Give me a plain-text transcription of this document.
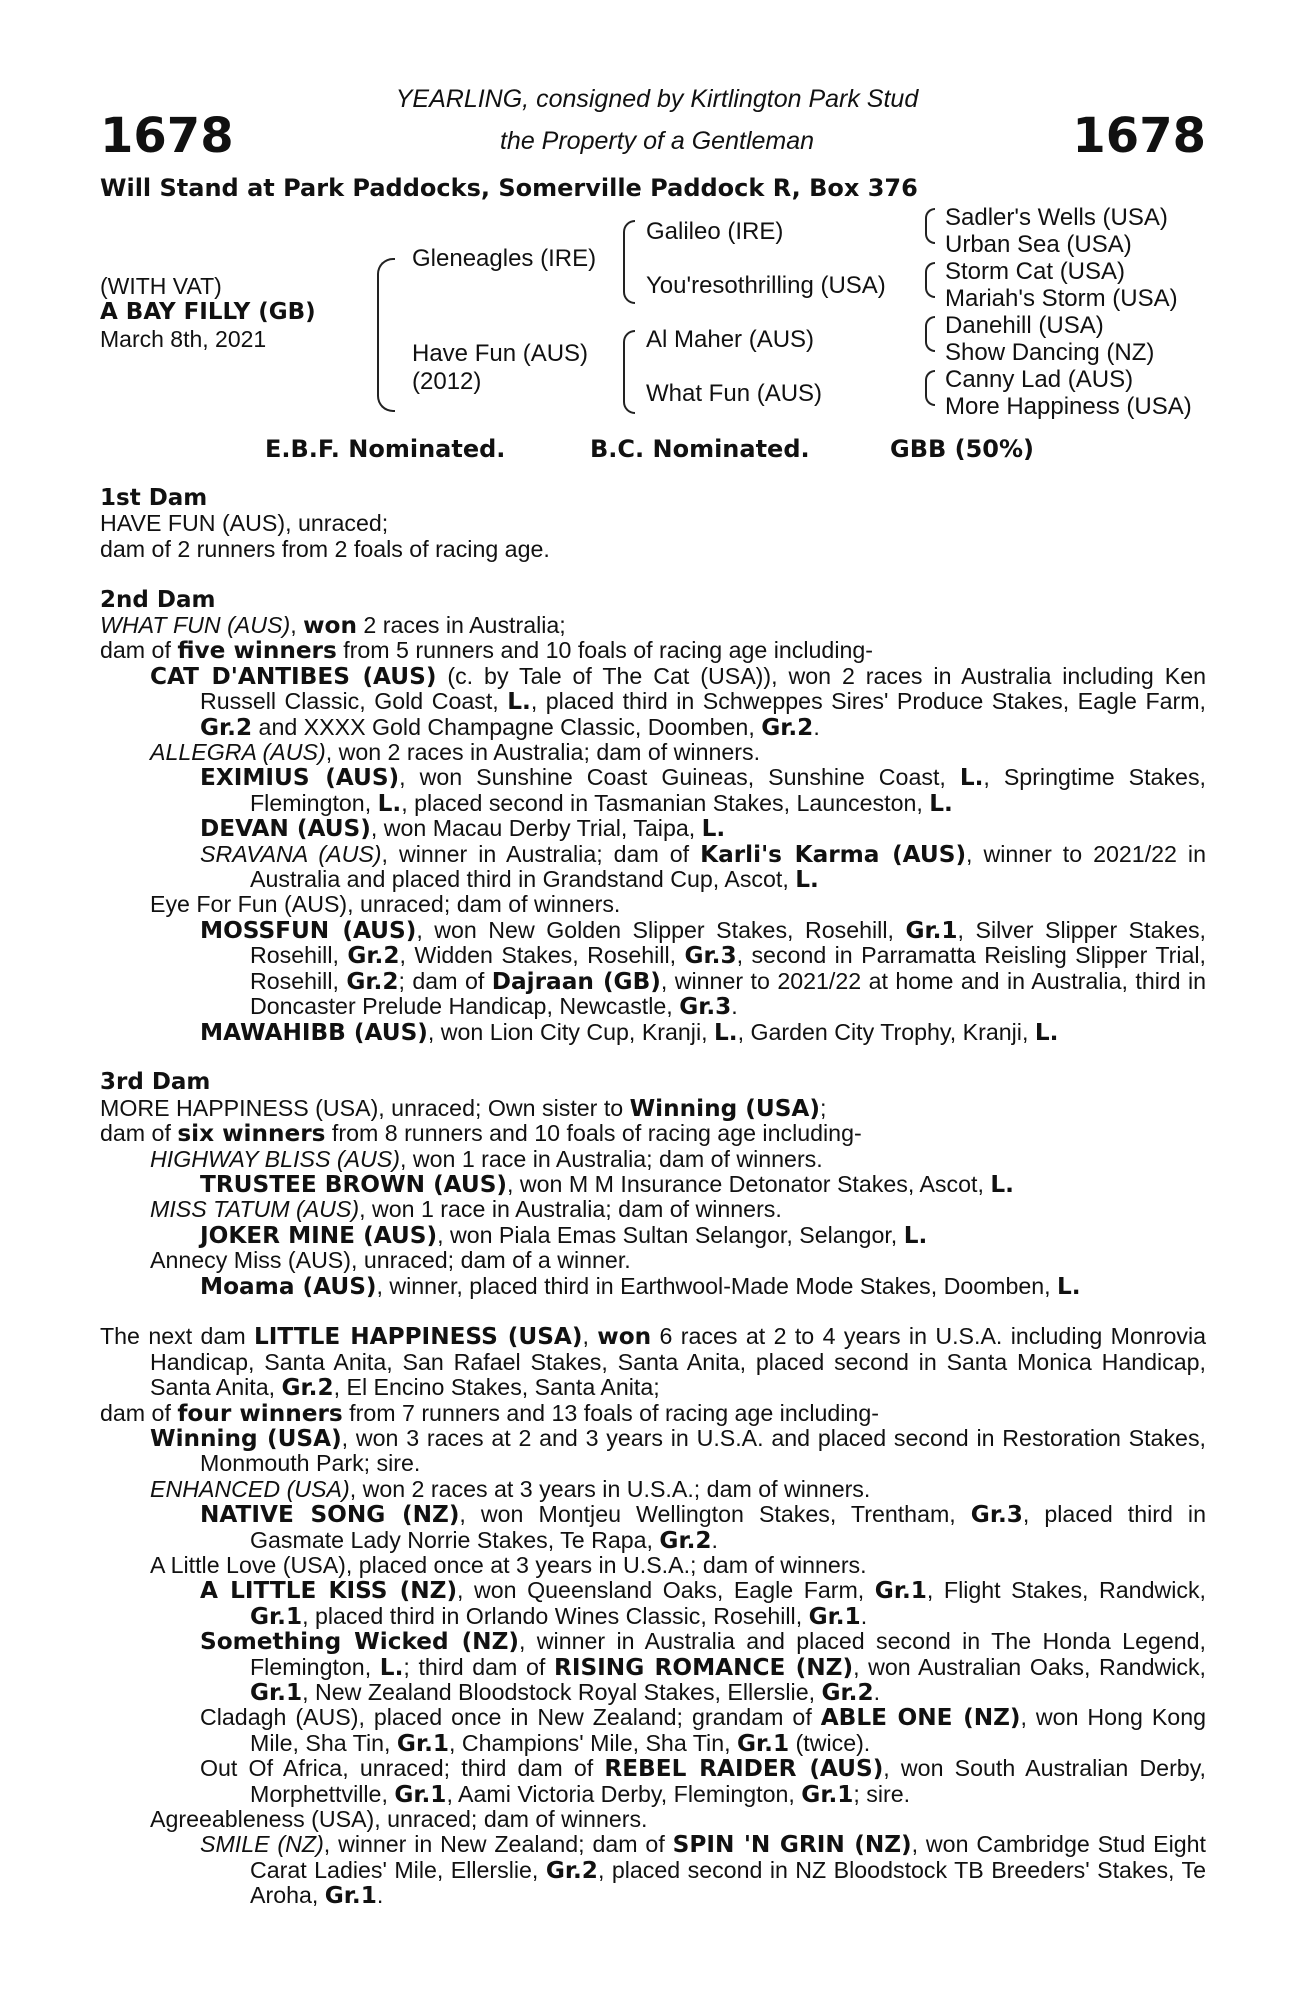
1678	1678
YEARLING, consigned by Kirtlington Park Stud
the Property of a Gentleman
Will Stand at Park Paddocks, Somerville Paddock R, Box 376
(WITH VAT)
A BAY FILLY (GB)
March 8th, 2021
Gleneagles (IRE)
Have Fun (AUS)
(2012)
Galileo (IRE)
You'resothrilling (USA)
Al Maher (AUS)
What Fun (AUS)
Sadler's Wells (USA)
Urban Sea (USA)
Storm Cat (USA)
Mariah's Storm (USA)
Danehill (USA)
Show Dancing (NZ)
Canny Lad (AUS)
More Happiness (USA)
E.B.F. Nominated.	B.C. Nominated.	GBB (50%)
1st Dam

HAVE FUN (AUS), unraced;

dam of 2 runners from 2 foals of racing age.

2nd Dam

WHAT FUN (AUS), won 2 races in Australia;

dam of five winners from 5 runners and 10 foals of racing age including-

CAT D'ANTIBES (AUS) (c. by Tale of The Cat (USA)), won 2 races in Australia including Ken Russell Classic, Gold Coast, L., placed third in Schweppes Sires' Produce Stakes, Eagle Farm, Gr.2 and XXXX Gold Champagne Classic, Doomben, Gr.2.

ALLEGRA (AUS), won 2 races in Australia; dam of winners.

EXIMIUS (AUS), won Sunshine Coast Guineas, Sunshine Coast, L., Springtime Stakes, Flemington, L., placed second in Tasmanian Stakes, Launceston, L.

DEVAN (AUS), won Macau Derby Trial, Taipa, L.

SRAVANA (AUS), winner in Australia; dam of Karli's Karma (AUS), winner to 2021/22 in Australia and placed third in Grandstand Cup, Ascot, L.

Eye For Fun (AUS), unraced; dam of winners.

MOSSFUN (AUS), won New Golden Slipper Stakes, Rosehill, Gr.1, Silver Slipper Stakes, Rosehill, Gr.2, Widden Stakes, Rosehill, Gr.3, second in Parramatta Reisling Slipper Trial, Rosehill, Gr.2; dam of Dajraan (GB), winner to 2021/22 at home and in Australia, third in Doncaster Prelude Handicap, Newcastle, Gr.3.

MAWAHIBB (AUS), won Lion City Cup, Kranji, L., Garden City Trophy, Kranji, L.

3rd Dam

MORE HAPPINESS (USA), unraced; Own sister to Winning (USA);

dam of six winners from 8 runners and 10 foals of racing age including-

HIGHWAY BLISS (AUS), won 1 race in Australia; dam of winners.

TRUSTEE BROWN (AUS), won M M Insurance Detonator Stakes, Ascot, L.

MISS TATUM (AUS), won 1 race in Australia; dam of winners.

JOKER MINE (AUS), won Piala Emas Sultan Selangor, Selangor, L.

Annecy Miss (AUS), unraced; dam of a winner.

Moama (AUS), winner, placed third in Earthwool-Made Mode Stakes, Doomben, L.

The next dam LITTLE HAPPINESS (USA), won 6 races at 2 to 4 years in U.S.A. including Monrovia Handicap, Santa Anita, San Rafael Stakes, Santa Anita, placed second in Santa Monica Handicap, Santa Anita, Gr.2, El Encino Stakes, Santa Anita;

dam of four winners from 7 runners and 13 foals of racing age including-

Winning (USA), won 3 races at 2 and 3 years in U.S.A. and placed second in Restoration Stakes, Monmouth Park; sire.

ENHANCED (USA), won 2 races at 3 years in U.S.A.; dam of winners.

NATIVE SONG (NZ), won Montjeu Wellington Stakes, Trentham, Gr.3, placed third in Gasmate Lady Norrie Stakes, Te Rapa, Gr.2.

A Little Love (USA), placed once at 3 years in U.S.A.; dam of winners.

A LITTLE KISS (NZ), won Queensland Oaks, Eagle Farm, Gr.1, Flight Stakes, Randwick, Gr.1, placed third in Orlando Wines Classic, Rosehill, Gr.1.

Something Wicked (NZ), winner in Australia and placed second in The Honda Legend, Flemington, L.; third dam of RISING ROMANCE (NZ), won Australian Oaks, Randwick, Gr.1, New Zealand Bloodstock Royal Stakes, Ellerslie, Gr.2.

Cladagh (AUS), placed once in New Zealand; grandam of ABLE ONE (NZ), won Hong Kong Mile, Sha Tin, Gr.1, Champions' Mile, Sha Tin, Gr.1 (twice).

Out Of Africa, unraced; third dam of REBEL RAIDER (AUS), won South Australian Derby, Morphettville, Gr.1, Aami Victoria Derby, Flemington, Gr.1; sire.

Agreeableness (USA), unraced; dam of winners.

SMILE (NZ), winner in New Zealand; dam of SPIN 'N GRIN (NZ), won Cambridge Stud Eight Carat Ladies' Mile, Ellerslie, Gr.2, placed second in NZ Bloodstock TB Breeders' Stakes, Te Aroha, Gr.1.
